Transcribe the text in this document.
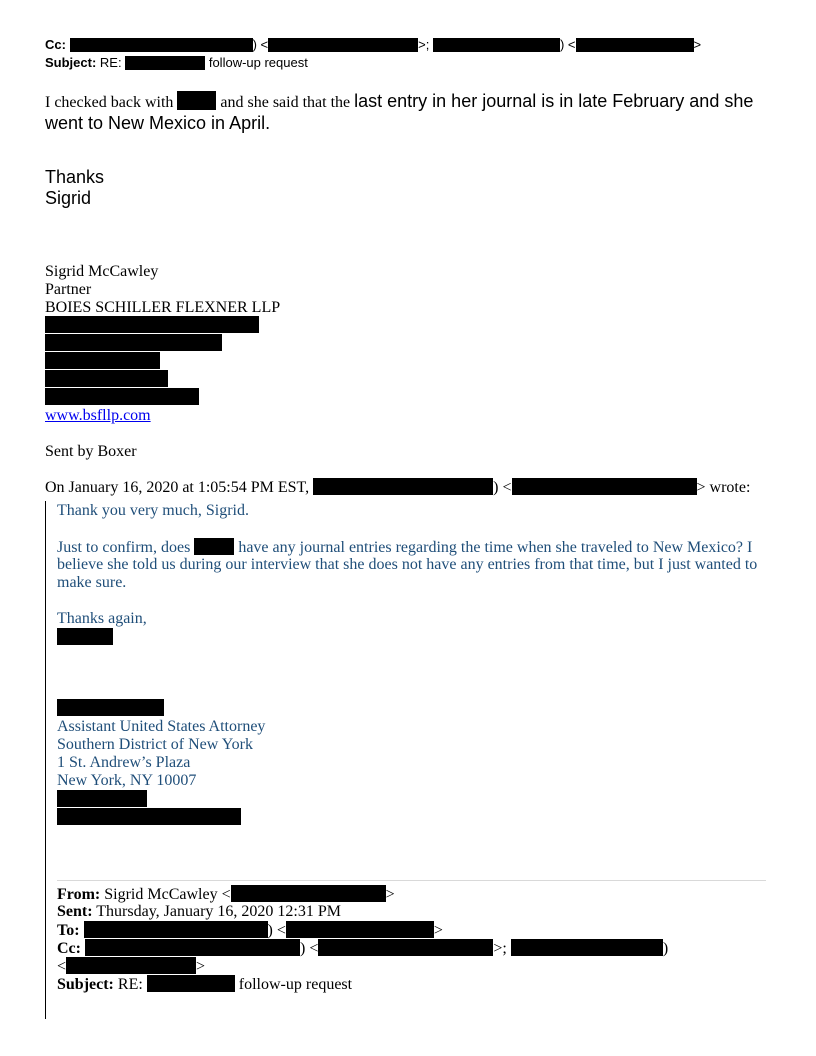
Cc:	) <	>;	) <	>
Subject: RE:	follow-up request
I checked back with	and she said that the last entry in her journal is in late February and she
went to New Mexico in April.
Thanks
Sigrid
Sigrid McCawley
Partner
BOIES SCHILLER FLEXNER LLP
www.bsfllp.com
Sent by Boxer
On January 16, 2020 at 1:05:54 PM EST,	) <	> wrote:
Thank you very much, Sigrid.
Just to confirm, does	have any journal entries regarding the time when she traveled to New Mexico? I
believe she told us during our interview that she does not have any entries from that time, but I just wanted to
make sure.
Thanks again,
Assistant United States Attorney
Southern District of New York
1 St. Andrew’s Plaza
New York, NY 10007
From: Sigrid McCawley <	>
Sent: Thursday, January 16, 2020 12:31 PM
To:	) <	>
Cc:	) <	>;	)
<	>
Subject: RE:	follow-up request
